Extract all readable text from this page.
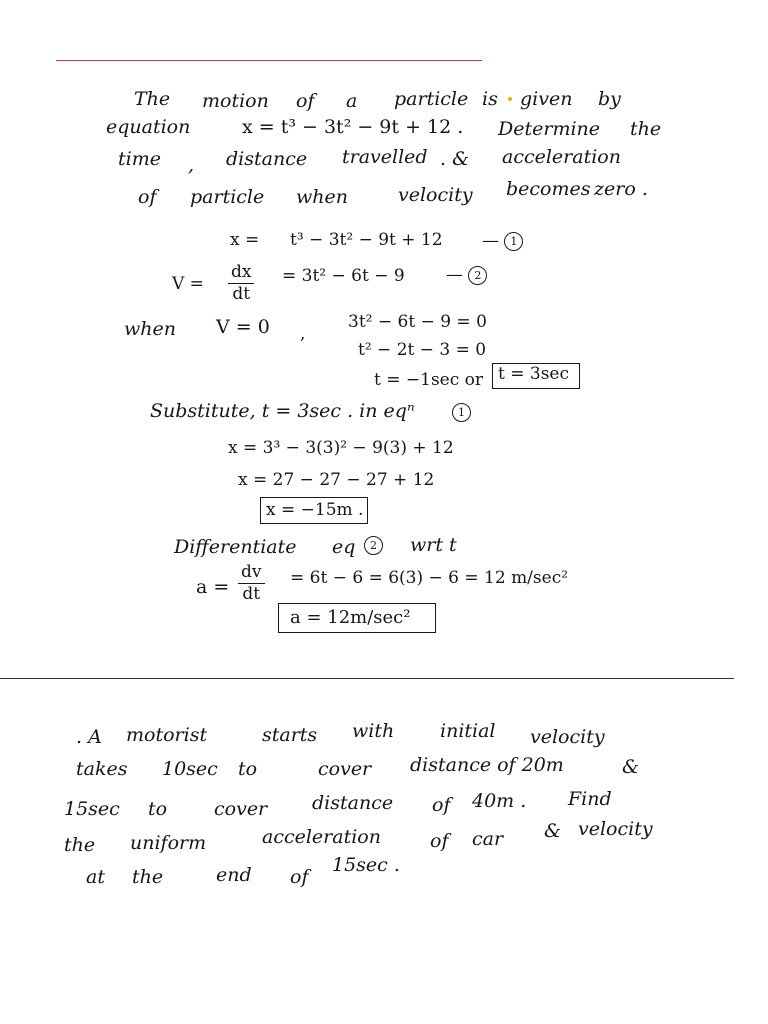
The motion of a particle is given by
equation	x = t³ − 3t² − 9t + 12 . Determine the
time , distance travelled . & acceleration
of particle when	velocity becomes zero .
x = t³ − 3t² − 9t + 12 — 1
$V = \frac{dx}{dt} = 3t^2 - 6t - 9$ — 2
when V = 0 ,
3t² − 6t − 9 = 0
t² − 2t − 3 = 0
t = −1sec or t = 3sec
Substitute, t = 3sec . in eqⁿ	1
x = 3³ − 3(3)² − 9(3) + 12
x = 27 − 27 − 27 + 12
x = −15m .
Differentiate eq	2	wrt t
$a = \frac{dv}{dt} = 6t - 6 = 6(3) - 6 = 12$ m/sec²
a = 12m/sec²
. A motorist	starts with initial velocity
takes 10sec to	cover distance of 20m	&
15sec to cover distance of 40m . Find
the uniform	acceleration	of car & velocity
at the	end of
15sec .
